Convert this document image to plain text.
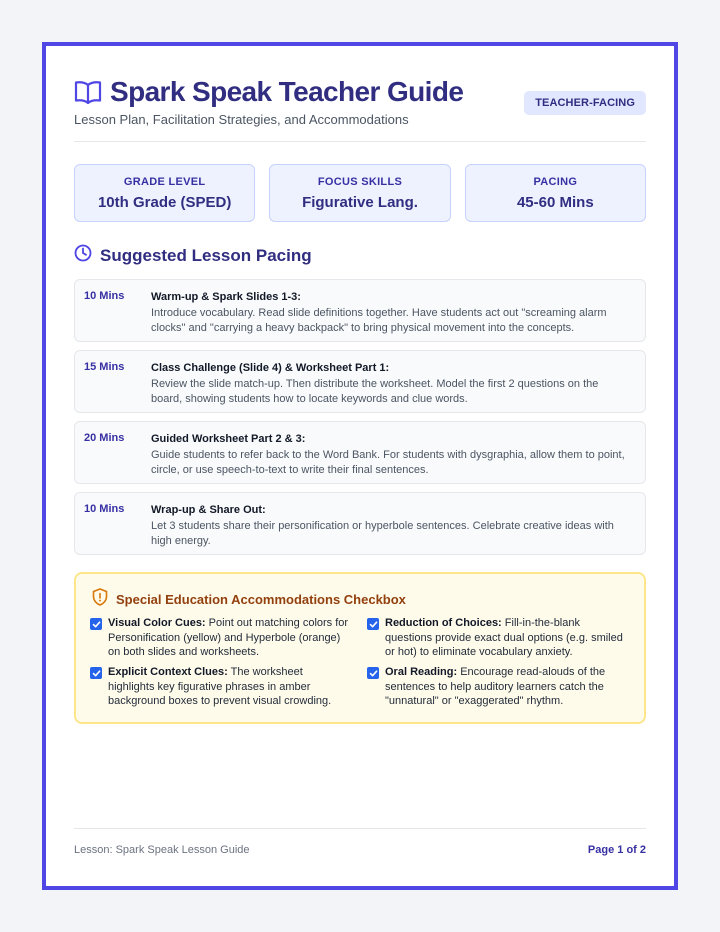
Spark Speak Teacher Guide
Lesson Plan, Facilitation Strategies, and Accommodations
TEACHER-FACING
GRADE LEVEL
10th Grade (SPED)
FOCUS SKILLS
Figurative Lang.
PACING
45-60 Mins
Suggested Lesson Pacing
10 Mins Warm-up & Spark Slides 1-3:
Introduce vocabulary. Read slide definitions together. Have students act out "screaming alarm clocks" and "carrying a heavy backpack" to bring physical movement into the concepts.
15 Mins Class Challenge (Slide 4) & Worksheet Part 1:
Review the slide match-up. Then distribute the worksheet. Model the first 2 questions on the board, showing students how to locate keywords and clue words.
20 Mins Guided Worksheet Part 2 & 3:
Guide students to refer back to the Word Bank. For students with dysgraphia, allow them to point, circle, or use speech-to-text to write their final sentences.
10 Mins Wrap-up & Share Out:
Let 3 students share their personification or hyperbole sentences. Celebrate creative ideas with high energy.
Special Education Accommodations Checkbox
Visual Color Cues: Point out matching colors for Personification (yellow) and Hyperbole (orange) on both slides and worksheets.
Reduction of Choices: Fill-in-the-blank questions provide exact dual options (e.g. smiled or hot) to eliminate vocabulary anxiety.
Explicit Context Clues: The worksheet highlights key figurative phrases in amber background boxes to prevent visual crowding.
Oral Reading: Encourage read-alouds of the sentences to help auditory learners catch the "unnatural" or "exaggerated" rhythm.
Lesson: Spark Speak Lesson Guide	Page 1 of 2
